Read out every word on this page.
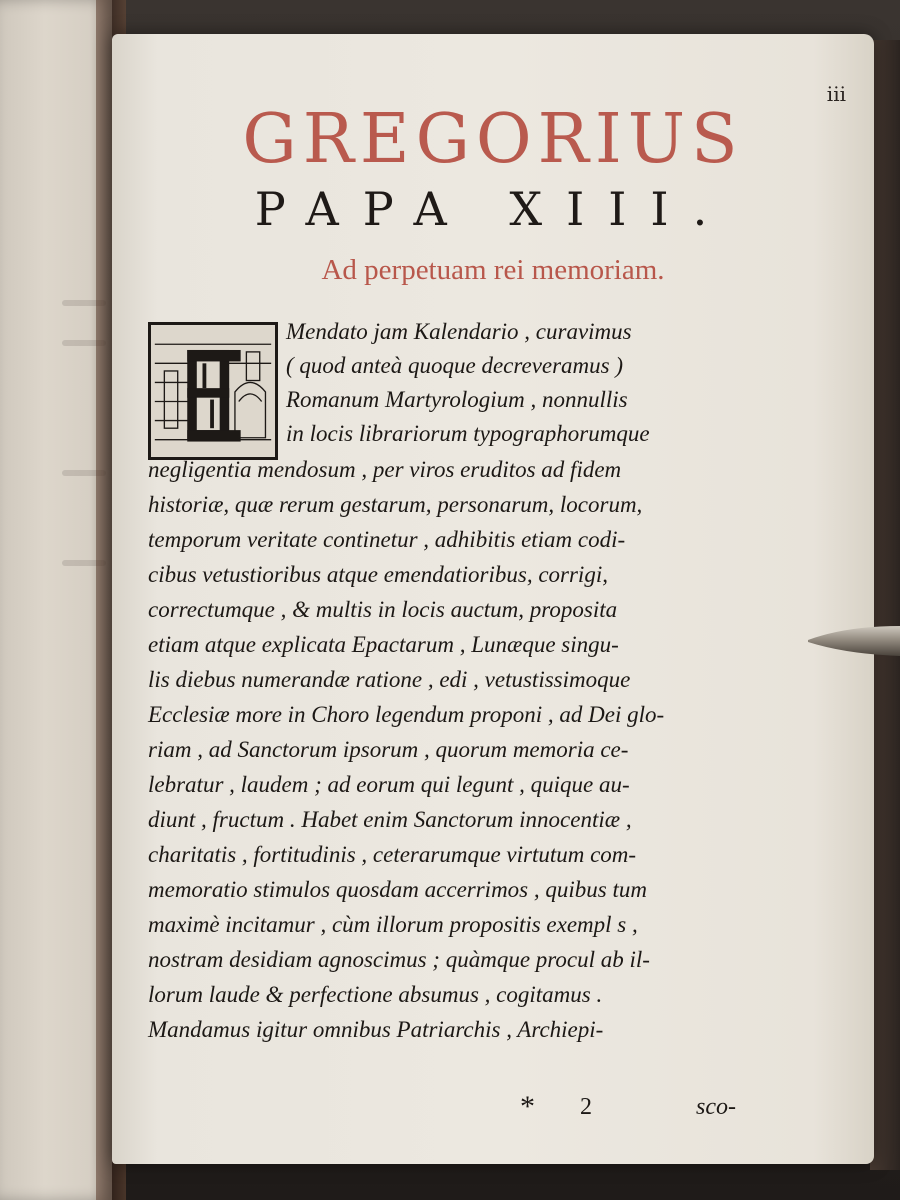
iii
GREGORIUS
PAPA XIII.
Ad perpetuam rei memoriam.
Mendato jam Kalendario , curavimus
( quod anteà quoque decreveramus )
Romanum Martyrologium , nonnullis
in locis librariorum typographorumque
negligentia mendosum , per viros eruditos ad fidem
historiæ, quæ rerum gestarum, personarum, locorum,
temporum veritate continetur , adhibitis etiam codi-
cibus vetustioribus atque emendatioribus, corrigi,
correctumque , & multis in locis auctum, proposita
etiam atque explicata Epactarum , Lunæque singu-
lis diebus numerandæ ratione , edi , vetustissimoque
Ecclesiæ more in Choro legendum proponi , ad Dei glo-
riam , ad Sanctorum ipsorum , quorum memoria ce-
lebratur , laudem ; ad eorum qui legunt , quique au-
diunt , fructum . Habet enim Sanctorum innocentiæ ,
charitatis , fortitudinis , ceterarumque virtutum com-
memoratio stimulos quosdam accerrimos , quibus tum
maximè incitamur , cùm illorum propositis exempl s ,
nostram desidiam agnoscimus ; quàmque procul ab il-
lorum laude & perfectione absumus , cogitamus .
Mandamus igitur omnibus Patriarchis , Archiepi-
* 2	sco-
